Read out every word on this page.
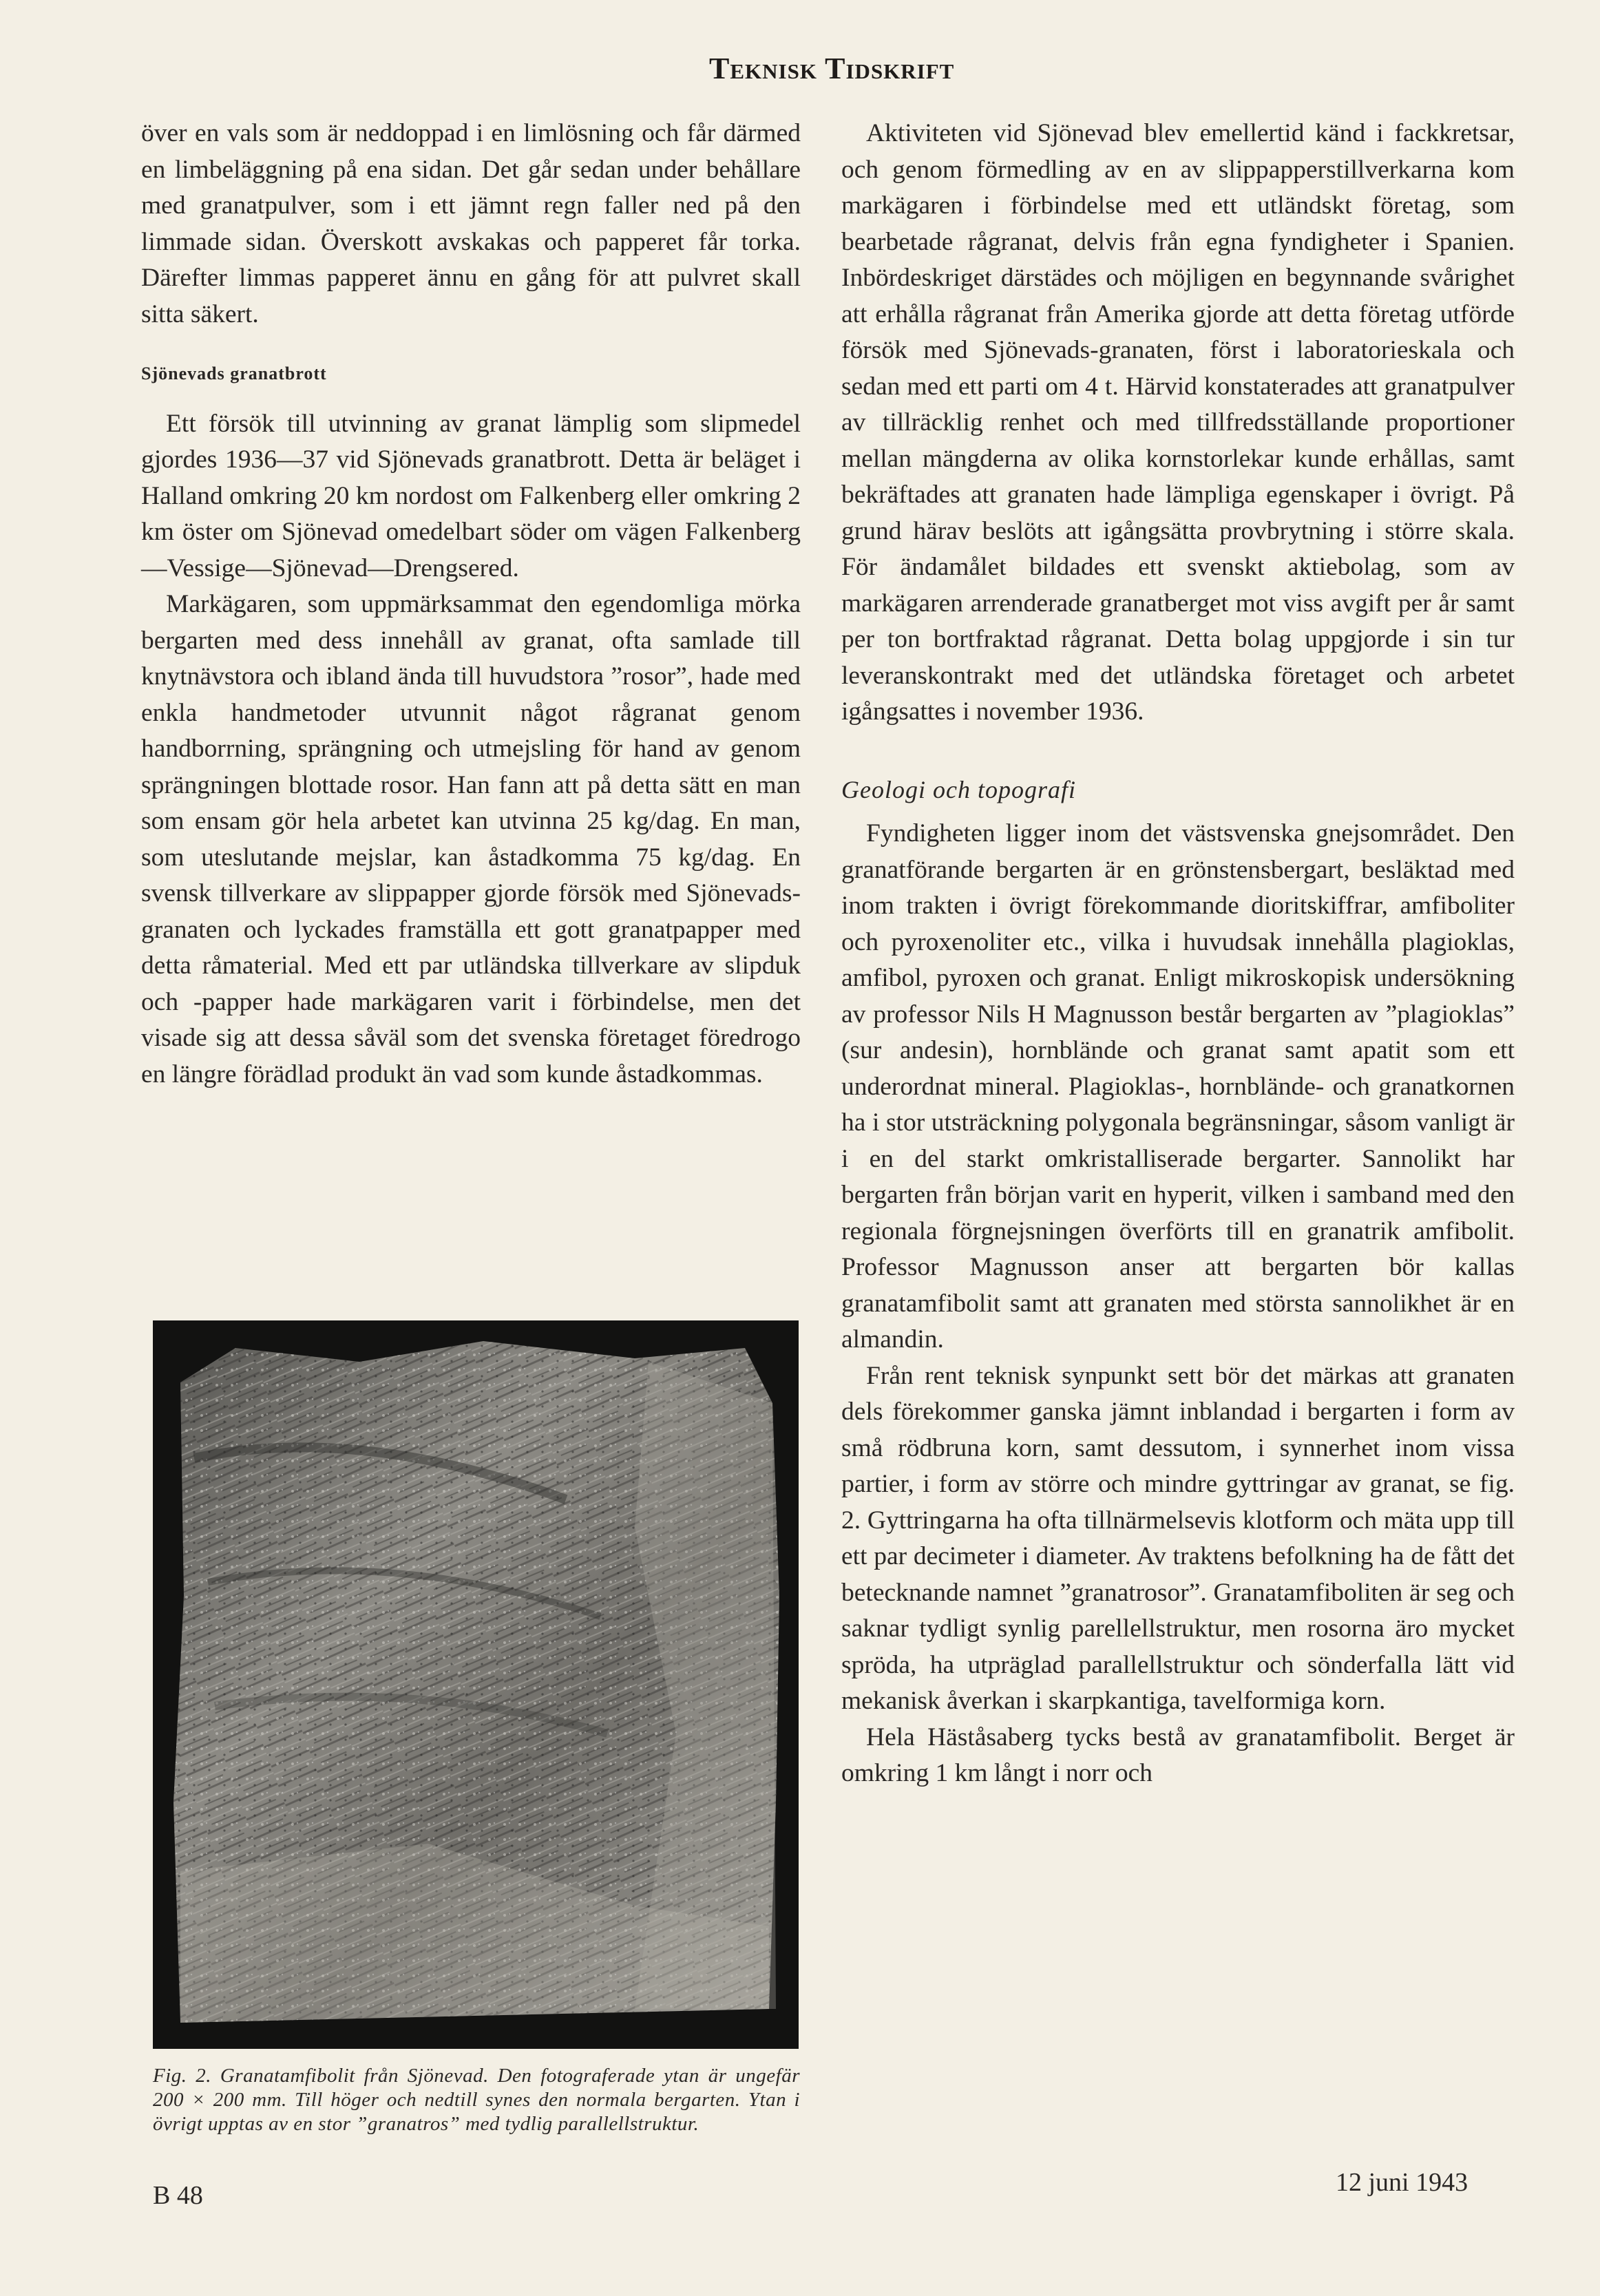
Teknisk Tidskrift

över en vals som är neddoppad i en limlösning och får därmed en limbeläggning på ena sidan. Det går sedan under behållare med granatpulver, som i ett jämnt regn faller ned på den limmade sidan. Överskott avskakas och papperet får torka. Därefter limmas papperet ännu en gång för att pulvret skall sitta säkert.

Sjönevads granatbrott

Ett försök till utvinning av granat lämplig som slipmedel gjordes 1936—37 vid Sjönevads granatbrott. Detta är beläget i Halland omkring 20 km nordost om Falkenberg eller omkring 2 km öster om Sjönevad omedelbart söder om vägen Falkenberg—Vessige—Sjönevad—Drengsered.

Markägaren, som uppmärksammat den egendomliga mörka bergarten med dess innehåll av granat, ofta samlade till knytnävstora och ibland ända till huvudstora ”rosor”, hade med enkla handmetoder utvunnit något rågranat genom handborrning, sprängning och utmejsling för hand av genom sprängningen blottade rosor. Han fann att på detta sätt en man som ensam gör hela arbetet kan utvinna 25 kg/dag. En man, som uteslutande mejslar, kan åstadkomma 75 kg/dag. En svensk tillverkare av slippapper gjorde försök med Sjönevads-granaten och lyckades framställa ett gott granatpapper med detta råmaterial. Med ett par utländska tillverkare av slipduk och -papper hade markägaren varit i förbindelse, men det visade sig att dessa såväl som det svenska företaget föredrogo en längre förädlad produkt än vad som kunde åstadkommas.

Fig. 2. Granatamfibolit från Sjönevad. Den fotograferade ytan är ungefär 200 × 200 mm. Till höger och nedtill synes den normala bergarten. Ytan i övrigt upptas av en stor ”granatros” med tydlig parallellstruktur.

Aktiviteten vid Sjönevad blev emellertid känd i fackkretsar, och genom förmedling av en av slippapperstillverkarna kom markägaren i förbindelse med ett utländskt företag, som bearbetade rågranat, delvis från egna fyndigheter i Spanien. Inbördeskriget därstädes och möjligen en begynnande svårighet att erhålla rågranat från Amerika gjorde att detta företag utförde försök med Sjönevads-granaten, först i laboratorieskala och sedan med ett parti om 4 t. Härvid konstaterades att granatpulver av tillräcklig renhet och med tillfredsställande proportioner mellan mängderna av olika kornstorlekar kunde erhållas, samt bekräftades att granaten hade lämpliga egenskaper i övrigt. På grund härav beslöts att igångsätta provbrytning i större skala. För ändamålet bildades ett svenskt aktiebolag, som av markägaren arrenderade granatberget mot viss avgift per år samt per ton bortfraktad rågranat. Detta bolag uppgjorde i sin tur leveranskontrakt med det utländska företaget och arbetet igångsattes i november 1936.

Geologi och topografi

Fyndigheten ligger inom det västsvenska gnejsområdet. Den granatförande bergarten är en grönstensbergart, besläktad med inom trakten i övrigt förekommande dioritskiffrar, amfiboliter och pyroxenoliter etc., vilka i huvudsak innehålla plagioklas, amfibol, pyroxen och granat. Enligt mikroskopisk undersökning av professor Nils H Magnusson består bergarten av ”plagioklas” (sur andesin), hornblände och granat samt apatit som ett underordnat mineral. Plagioklas-, hornblände- och granatkornen ha i stor utsträckning polygonala begränsningar, såsom vanligt är i en del starkt omkristalliserade bergarter. Sannolikt har bergarten från början varit en hyperit, vilken i samband med den regionala förgnejsningen överförts till en granatrik amfibolit. Professor Magnusson anser att bergarten bör kallas granatamfibolit samt att granaten med största sannolikhet är en almandin.

Från rent teknisk synpunkt sett bör det märkas att granaten dels förekommer ganska jämnt inblandad i bergarten i form av små rödbruna korn, samt dessutom, i synnerhet inom vissa partier, i form av större och mindre gyttringar av granat, se fig. 2. Gyttringarna ha ofta tillnärmelsevis klotform och mäta upp till ett par decimeter i diameter. Av traktens befolkning ha de fått det betecknande namnet ”granatrosor”. Granatamfiboliten är seg och saknar tydligt synlig parellellstruktur, men rosorna äro mycket spröda, ha utpräglad parallellstruktur och sönderfalla lätt vid mekanisk åverkan i skarpkantiga, tavelformiga korn.

Hela Häståsaberg tycks bestå av granatamfibolit. Berget är omkring 1 km långt i norr och

B 48	12 juni 1943
